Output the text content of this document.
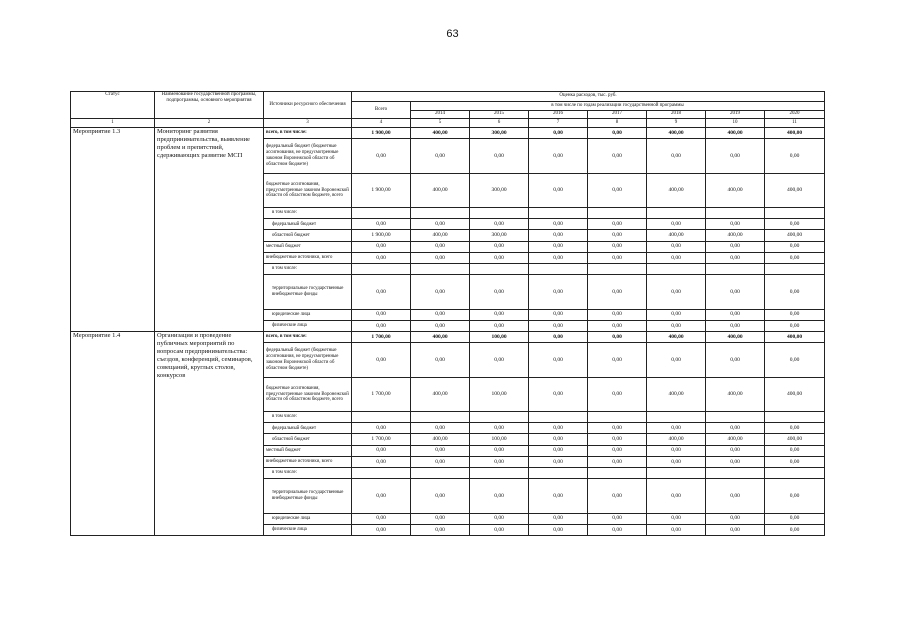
63
Статус	Наименование государственной программы, подпрограммы, основного мероприятия	Источники ресурсного обеспечения	Оценка расходов, тыс. руб.							
			Всего	в том числе по годам реализации государственной программы						
				2014	2015	2016	2017	2018	2019	2020
1	2	3	4	5	6	7	8	9	10	11
Мероприятие 1.3	Мониторинг развития предпринимательства, выявление проблем и препятствий, сдерживающих развитие МСП	всего, в том числе:	1 900,00	400,00	300,00	0,00	0,00	400,00	400,00	400,00
		федеральный бюджет (бюджетные ассигнования, не предусмотренные законом Воронежской области об областном бюджете)	0,00	0,00	0,00	0,00	0,00	0,00	0,00	0,00
		бюджетные ассигнования, предусмотренные законом Воронежской области об областном бюджете, всего	1 900,00	400,00	300,00	0,00	0,00	400,00	400,00	400,00
		в том числе:								
		федеральный бюджет	0,00	0,00	0,00	0,00	0,00	0,00	0,00	0,00
		областной бюджет	1 900,00	400,00	300,00	0,00	0,00	400,00	400,00	400,00
		местный бюджет	0,00	0,00	0,00	0,00	0,00	0,00	0,00	0,00
		внебюджетные источники, всего	0,00	0,00	0,00	0,00	0,00	0,00	0,00	0,00
		в том числе:								
		территориальные государственные внебюджетные фонды	0,00	0,00	0,00	0,00	0,00	0,00	0,00	0,00
		юридические лица	0,00	0,00	0,00	0,00	0,00	0,00	0,00	0,00
		физические лица	0,00	0,00	0,00	0,00	0,00	0,00	0,00	0,00
Мероприятие 1.4	Организация и проведение публичных мероприятий по вопросам предпринимательства: съездов, конференций, семинаров, совещаний, круглых столов, конкурсов	всего, в том числе:	1 700,00	400,00	100,00	0,00	0,00	400,00	400,00	400,00
		федеральный бюджет (бюджетные ассигнования, не предусмотренные законом Воронежской области об областном бюджете)	0,00	0,00	0,00	0,00	0,00	0,00	0,00	0,00
		бюджетные ассигнования, предусмотренные законом Воронежской области об областном бюджете, всего	1 700,00	400,00	100,00	0,00	0,00	400,00	400,00	400,00
		в том числе:								
		федеральный бюджет	0,00	0,00	0,00	0,00	0,00	0,00	0,00	0,00
		областной бюджет	1 700,00	400,00	100,00	0,00	0,00	400,00	400,00	400,00
		местный бюджет	0,00	0,00	0,00	0,00	0,00	0,00	0,00	0,00
		внебюджетные источники, всего	0,00	0,00	0,00	0,00	0,00	0,00	0,00	0,00
		в том числе:								
		территориальные государственные внебюджетные фонды	0,00	0,00	0,00	0,00	0,00	0,00	0,00	0,00
		юридические лица	0,00	0,00	0,00	0,00	0,00	0,00	0,00	0,00
		физические лица	0,00	0,00	0,00	0,00	0,00	0,00	0,00	0,00
